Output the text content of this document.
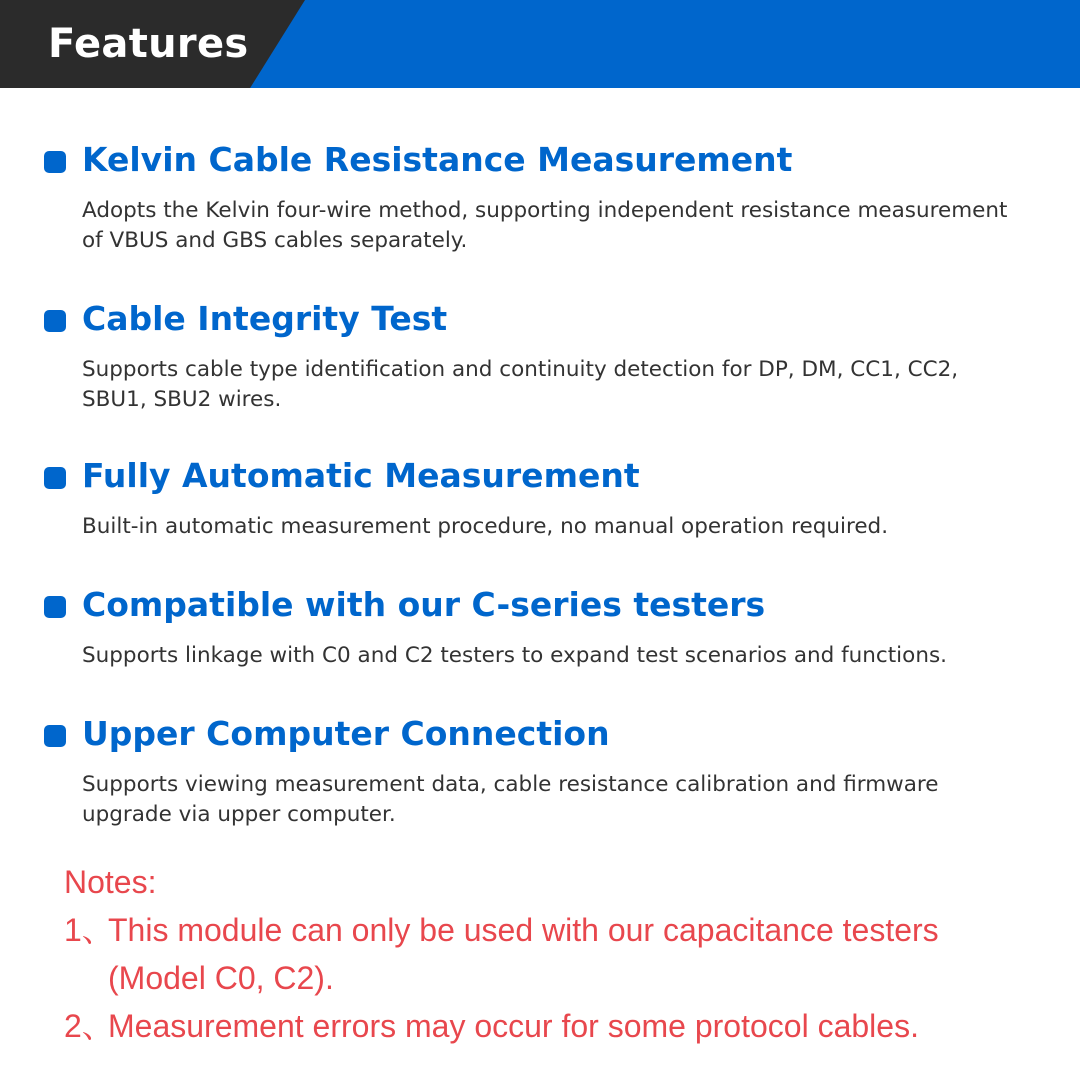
Features
Kelvin Cable Resistance Measurement

Adopts the Kelvin four-wire method, supporting independent resistance measurement of VBUS and GBS cables separately.

Cable Integrity Test

Supports cable type identification and continuity detection for DP, DM, CC1, CC2, SBU1, SBU2 wires.

Fully Automatic Measurement

Built-in automatic measurement procedure, no manual operation required.

Compatible with our C-series testers

Supports linkage with C0 and C2 testers to expand test scenarios and functions.

Upper Computer Connection

Supports viewing measurement data, cable resistance calibration and firmware upgrade via upper computer.

Notes:
1、
This module can only be used with our capacitance testers (Model C0, C2).
2、
Measurement errors may occur for some protocol cables.
